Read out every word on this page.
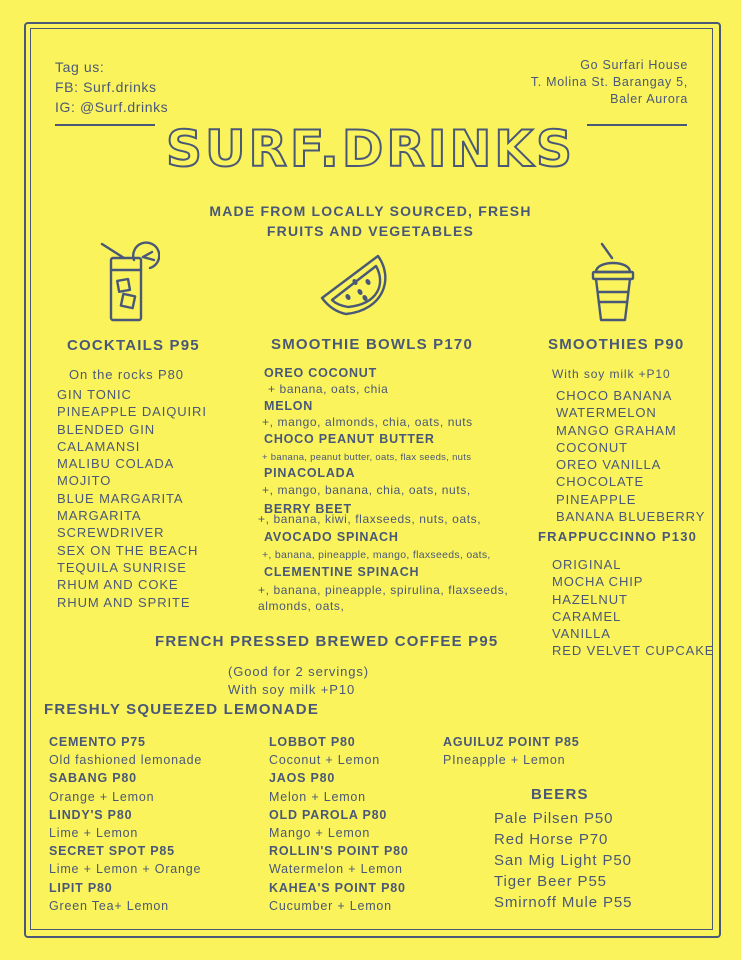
Tag us:
FB: Surf.drinks
IG: @Surf.drinks
Go Surfari House
T. Molina St. Barangay 5,
Baler Aurora
SURF.DRINKS
MADE FROM LOCALLY SOURCED, FRESH
FRUITS AND VEGETABLES
COCKTAILS P95
On the rocks P80
GIN TONIC
PINEAPPLE DAIQUIRI
BLENDED GIN
CALAMANSI
MALIBU COLADA
MOJITO
BLUE MARGARITA
MARGARITA
SCREWDRIVER
SEX ON THE BEACH
TEQUILA SUNRISE
RHUM AND COKE
RHUM AND SPRITE
SMOOTHIE BOWLS P170
OREO COCONUT
+ banana, oats, chia
MELON
+, mango, almonds, chia, oats, nuts
CHOCO PEANUT BUTTER
+ banana, peanut butter, oats, flax seeds, nuts
PINACOLADA
+, mango, banana, chia, oats, nuts,
BERRY BEET
+, banana, kiwi, flaxseeds, nuts, oats,
AVOCADO SPINACH
+, banana, pineapple, mango, flaxseeds, oats,
CLEMENTINE SPINACH
+, banana, pineapple, spirulina, flaxseeds,
almonds, oats,
SMOOTHIES P90
With soy milk +P10
CHOCO BANANA
WATERMELON
MANGO GRAHAM
COCONUT
OREO VANILLA
CHOCOLATE
PINEAPPLE
BANANA BLUEBERRY
FRAPPUCCINNO P130
ORIGINAL
MOCHA CHIP
HAZELNUT
CARAMEL
VANILLA
RED VELVET CUPCAKE
FRENCH PRESSED BREWED COFFEE P95
(Good for 2 servings)
With soy milk +P10
FRESHLY SQUEEZED LEMONADE
CEMENTO P75
Old fashioned lemonade
SABANG P80
Orange + Lemon
LINDY'S P80
Lime + Lemon
SECRET SPOT P85
Lime + Lemon + Orange
LIPIT P80
Green Tea+ Lemon
LOBBOT P80
Coconut + Lemon
JAOS P80
Melon + Lemon
OLD PAROLA P80
Mango + Lemon
ROLLIN'S POINT P80
Watermelon + Lemon
KAHEA'S POINT P80
Cucumber + Lemon
AGUILUZ POINT P85
PIneapple + Lemon
BEERS
Pale Pilsen P50
Red Horse P70
San Mig Light P50
Tiger Beer P55
Smirnoff Mule P55
